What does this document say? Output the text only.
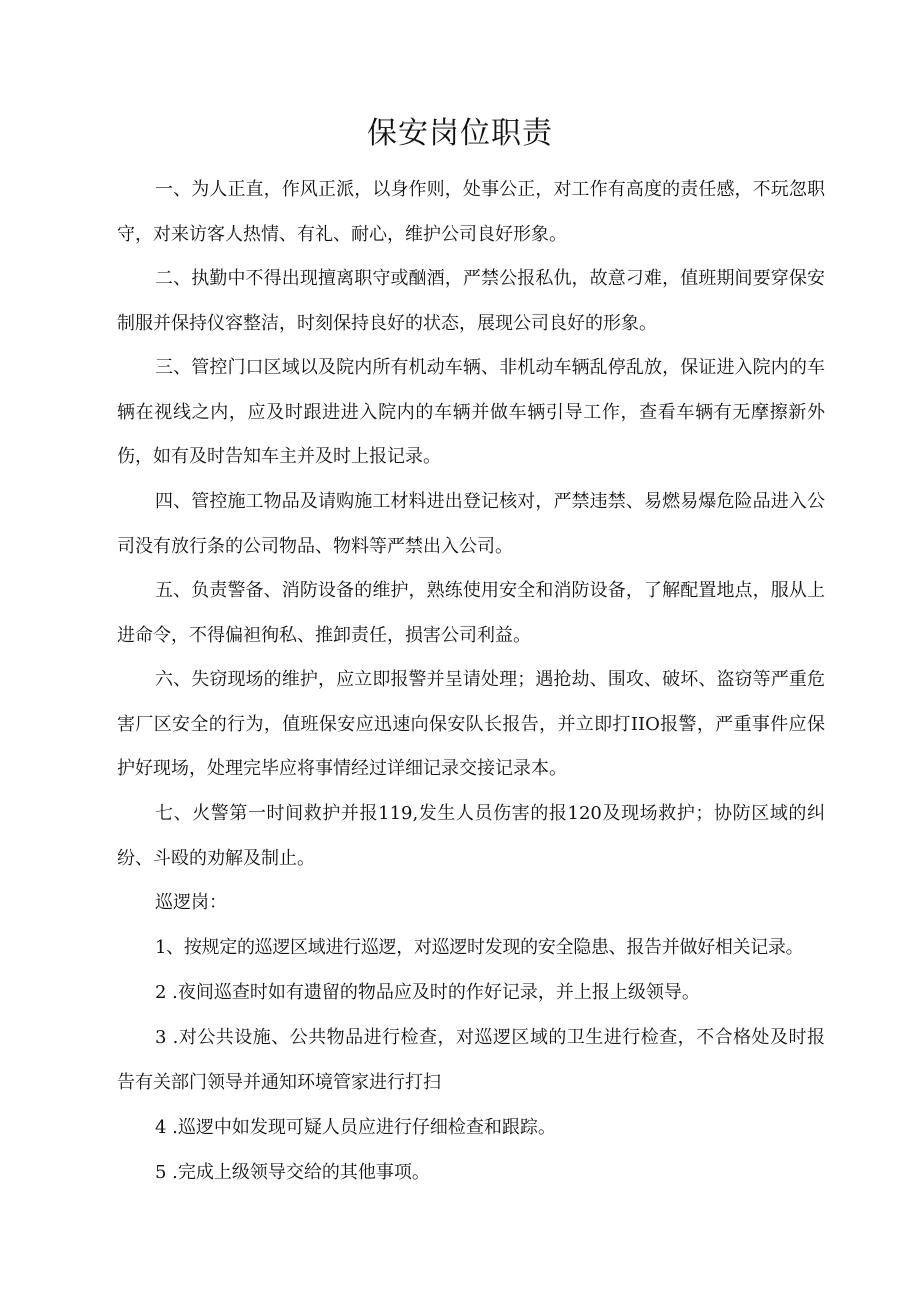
保安岗位职责

一、为人正直，作风正派，以身作则，处事公正，对工作有高度的责任感，不玩忽职守，对来访客人热情、有礼、耐心，维护公司良好形象。

二、执勤中不得出现擅离职守或酗酒，严禁公报私仇，故意刁难，值班期间要穿保安制服并保持仪容整洁，时刻保持良好的状态，展现公司良好的形象。

三、管控门口区域以及院内所有机动车辆、非机动车辆乱停乱放，保证进入院内的车辆在视线之内，应及时跟进进入院内的车辆并做车辆引导工作，查看车辆有无摩擦新外伤，如有及时告知车主并及时上报记录。

四、管控施工物品及请购施工材料进出登记核对，严禁违禁、易燃易爆危险品进入公司没有放行条的公司物品、物料等严禁出入公司。

五、负责警备、消防设备的维护，熟练使用安全和消防设备，了解配置地点，服从上进命令，不得偏袒徇私、推卸责任，损害公司利益。

六、失窃现场的维护，应立即报警并呈请处理；遇抢劫、围攻、破坏、盗窃等严重危害厂区安全的行为，值班保安应迅速向保安队长报告，并立即打IIO报警，严重事件应保护好现场，处理完毕应将事情经过详细记录交接记录本。

七、火警第一时间救护并报119,发生人员伤害的报120及现场救护；协防区域的纠纷、斗殴的劝解及制止。

巡逻岗：

1、按规定的巡逻区域进行巡逻，对巡逻时发现的安全隐患、报告并做好相关记录。

2 .夜间巡查时如有遗留的物品应及时的作好记录，并上报上级领导。

3 .对公共设施、公共物品进行检查，对巡逻区域的卫生进行检查，不合格处及时报告有关部门领导并通知环境管家进行打扫

4 .巡逻中如发现可疑人员应进行仔细检查和跟踪。

5 .完成上级领导交给的其他事项。
